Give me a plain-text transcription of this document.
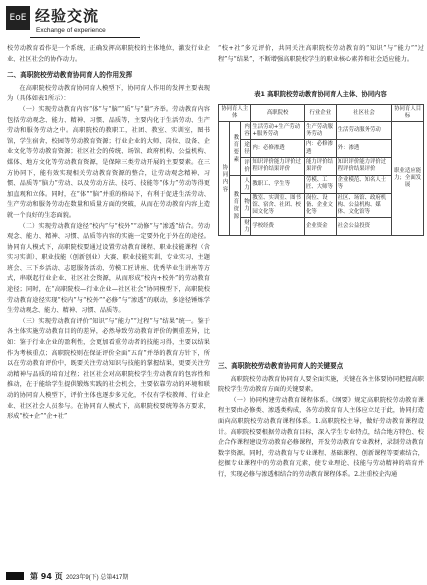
EoE 经验交流
Exchange of experience

校劳动教育看作是一个系统，正确发挥高职院校的主体地位，激发行业企业、社区社会的协作动力。

二、高职院校劳动教育协同育人的作用发挥

在高职院校劳动教育协同育人模型下，协同育人作用的发挥主要表现为（具体如表1所示）：

（一）实现劳动教育内容“体”与“脑”“质”与“量”齐举。劳动教育内容包括劳动观念、能力、精神、习惯、品质等，主要内化于生活劳动、生产劳动和服务劳动之中。高职院校的教职工，社团、教室、实训室，图书馆，学生宿舍，校园等劳动教育资源；行业企业的大师、岗位、设备、企业文化等劳动教育资源；社区社会的传统、场馆、政府机构、公益机构、媒体、地方文化等劳动教育资源，是保障三类劳动开展的主要要素。在三方协同下，能有效实现相关劳动教育资源的整合，让劳动观念精神、习惯、品质等“脑力”劳动、以及劳动方法、技巧、技能等“体力”劳动等得更加直观和立体。同时，在“体”“脑”并重的格局下，有利于促进生活劳动、生产劳动和服务劳动在数量和质量方面的突破，从而在劳动教育内容上造就一个良好的生态面貌。

（二）实现劳动教育途径“校内”与“校外”“动修”与“渗透”结合。劳动观念、能力、精神、习惯、品质等内容的实施一定要外化于外在的途径。协同育人模式下，高职院校要通过设置劳动教育课程、职业技能课程（含实习实训）、职业技能（创新创业）大赛、职业技能实训、专业实习、主题班会、三下乡活动、志愿服务活动、劳模工匠讲座、优秀毕业生讲座等方式，串联起行业企业、社区社会资源，从而形成“校内+校外”的劳动教育途径；同时，在“高职院校—行业企业—社区社会”协同模型下，高职院校劳动教育途径实现“校内”与“校外”“必修”与“渗透”的联动，多途径锤炼学生劳动观念、能力、精神、习惯、品质等。

（三）实现劳动教育评价“知识”与“能力”“过程”与“结果”统一。鉴于各主体实施劳动教育目的的差异，必然导致劳动教育评价的侧重差异，比如：鉴于行业企业的盈利性，会更加看重劳动者的技能习得，主要以结果作为考核重点；高职院校则在保证评价全面“五育”并举的教育方针下，所以在劳动教育评价中，既要关注劳动知识与技能的掌握结果，更要关注劳动精神与品质的培育过程；社区社会对高职院校学生劳动教育的包容性和推动，在于能给学生提供锻炼实践的社会机会，主要依靠劳动的环境和联动的协同育人模型下，评价主体也逐步多元化，不仅有学校教师、行业企业、社区社会人员参与。在协同育人模式下，高职院校要统筹各方要求，形成“校+企”“企+社”

“校+社”多元评价，共同关注高职院校劳动教育的“知识”与“能力”“过程”与“结果”，不断增强高职院校学生的职业核心素养和社会适应能力。

表1 高职院校劳动教育协同育人主体、协同内容
协同育人主体			高职院校	行业企业	社区社会	协同育人目标
协同内容	教育要素	内容	生活劳动+生产劳动+服务劳动	生产劳动服务劳动	生活劳动服务劳动	职业适应能力；全面发展
		途径	内：必修渗透	内：必修渗透	外：渗透	
		评价	知识评价能力评价过程评价结果评价	能力评价结果评价	知识评价能力评价过程评价结果评价	
	教育资源	人力	教职工、学生等	劳模、工匠、大师等	企业模范、知名人士等	
		物力	教室、实训室、图书馆、宿舍、社团、校园文化等	岗位、设备、企业文化等	社区、场馆、政府机构、公益机构、媒体、文化馆等	
		财力	学校经费	企业资金	社会公益投资	

三、高职院校劳动教育协同育人的关键要点

高职院校劳动教育协同育人要全面实施，关键在各主体要协同把握高职院校学生劳动教育方面的关键要素。

（一）协同构建劳动教育课程体系。《纲要》规定高职院校劳动教育课程主要由必修类、渗透类构成，各劳动教育育人主体应立足于此，协同打造面向高职院校劳动教育课程体系。1.高职院校主导，做好劳动教育课程设计。高职院校要根据劳动教育目标，深入学生专业特点，结合地方特色、校企合作课程建设劳动教育必修课程，开发劳动教育专业教材，录制劳动教育数字资源。同时，劳动教育与专业课程、基础课程、创新课程等要素结合，挖掘专业课程中的劳动教育元素，使专业理论、技能与劳动精神的培育并行，实现必修与渗透相结合的劳动教育课程体系。2.注重校企沟通

第 94 页 2023年9(下) 总第417期
